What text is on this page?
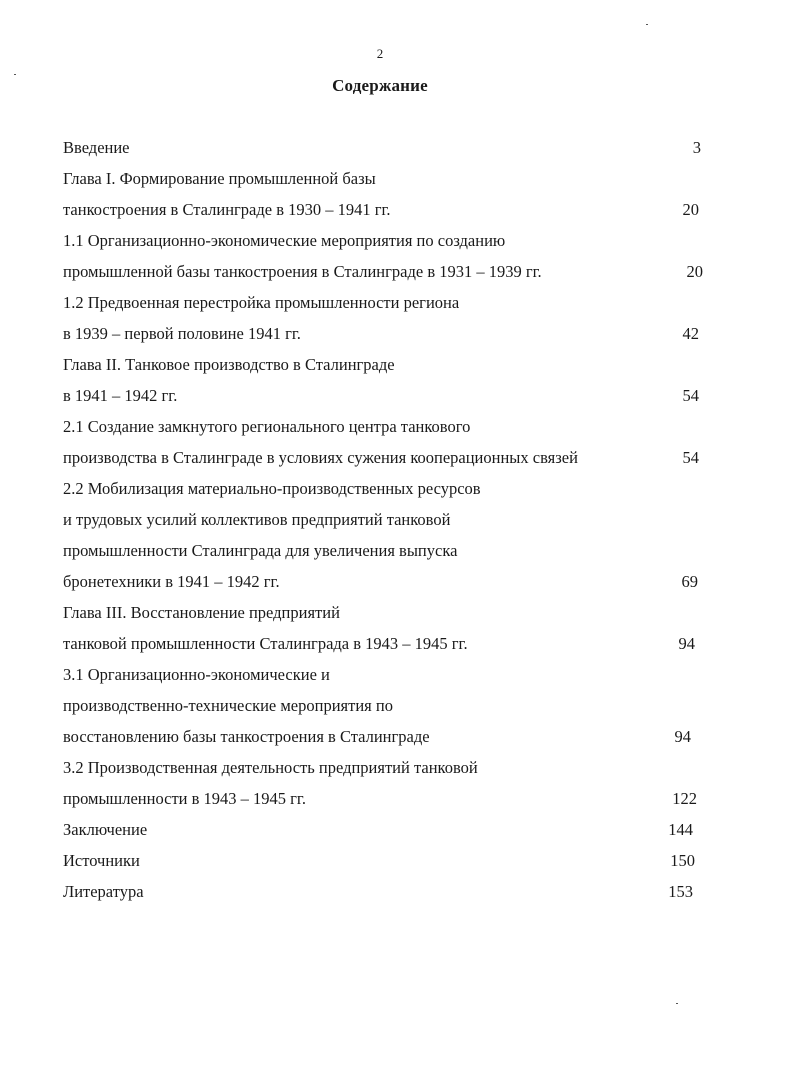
2
Содержание
Введение	3
Глава I. Формирование промышленной базы
танкостроения в Сталинграде в 1930 – 1941 гг.	20
1.1 Организационно-экономические мероприятия по созданию
промышленной базы танкостроения в Сталинграде в 1931 – 1939 гг.	20
1.2 Предвоенная перестройка промышленности региона
в 1939 – первой половине 1941 гг.	42
Глава II. Танковое производство в Сталинграде
в 1941 – 1942 гг.	54
2.1 Создание замкнутого регионального центра танкового
производства в Сталинграде в условиях сужения кооперационных связей	54
2.2 Мобилизация материально-производственных ресурсов
и трудовых усилий коллективов предприятий танковой
промышленности Сталинграда для увеличения выпуска
бронетехники в 1941 – 1942 гг.	69
Глава III. Восстановление предприятий
танковой промышленности Сталинграда в 1943 – 1945 гг.	94
3.1 Организационно-экономические и
производственно-технические мероприятия по
восстановлению базы танкостроения в Сталинграде	94
3.2 Производственная деятельность предприятий танковой
промышленности в 1943 – 1945 гг.	122
Заключение	144
Источники	150
Литература	153
